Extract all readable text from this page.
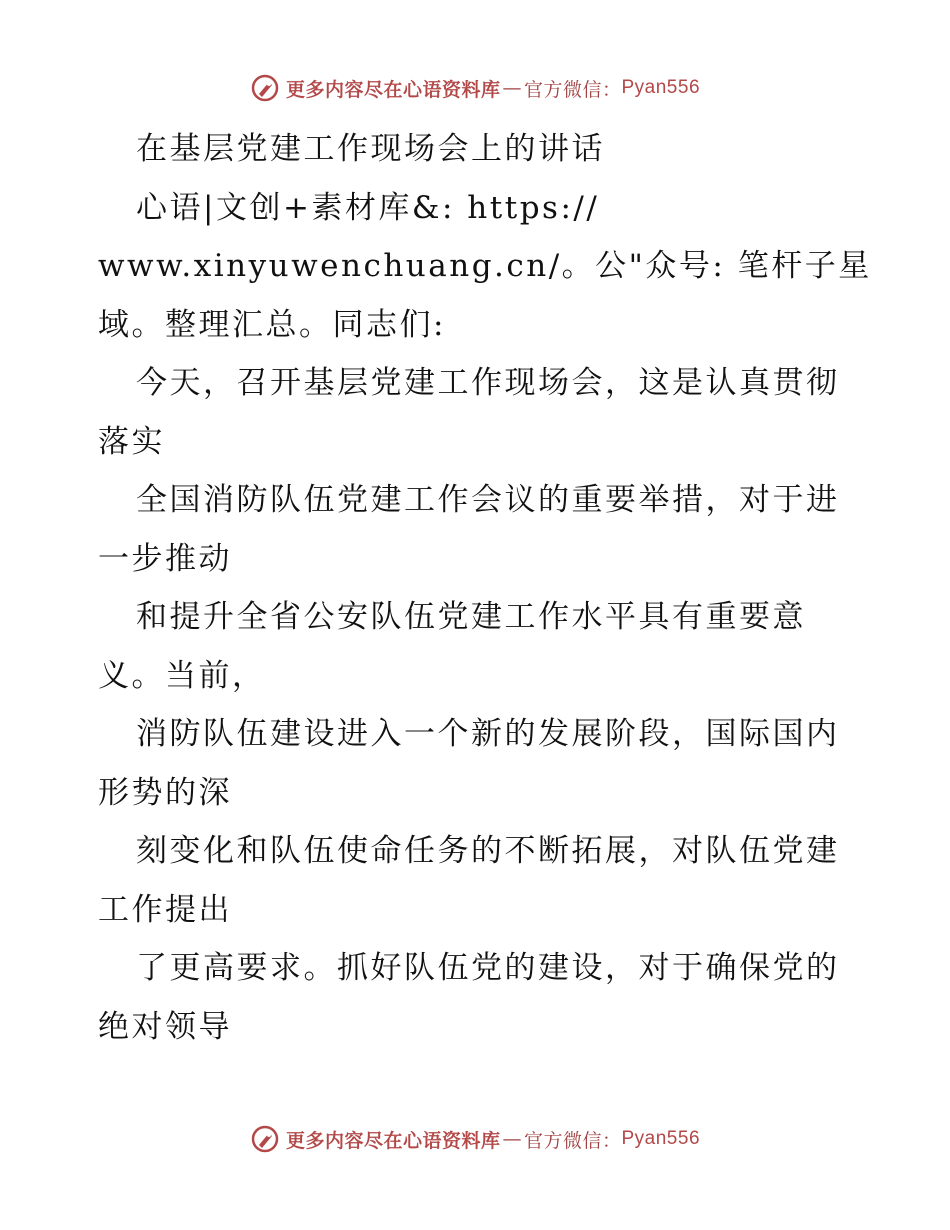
更多内容尽在心语资料库 — 官方微信： Pyan556
在基层党建工作现场会上的讲话
心语|文创+素材库&: https://
www.xinyuwenchuang.cn/。公"众号: 笔杆子星
域。整理汇总。同志们:
今天，召开基层党建工作现场会，这是认真贯彻
落实
全国消防队伍党建工作会议的重要举措，对于进
一步推动
和提升全省公安队伍党建工作水平具有重要意
义。当前，
消防队伍建设进入一个新的发展阶段，国际国内
形势的深
刻变化和队伍使命任务的不断拓展，对队伍党建
工作提出
了更高要求。抓好队伍党的建设，对于确保党的
绝对领导
更多内容尽在心语资料库 — 官方微信： Pyan556
